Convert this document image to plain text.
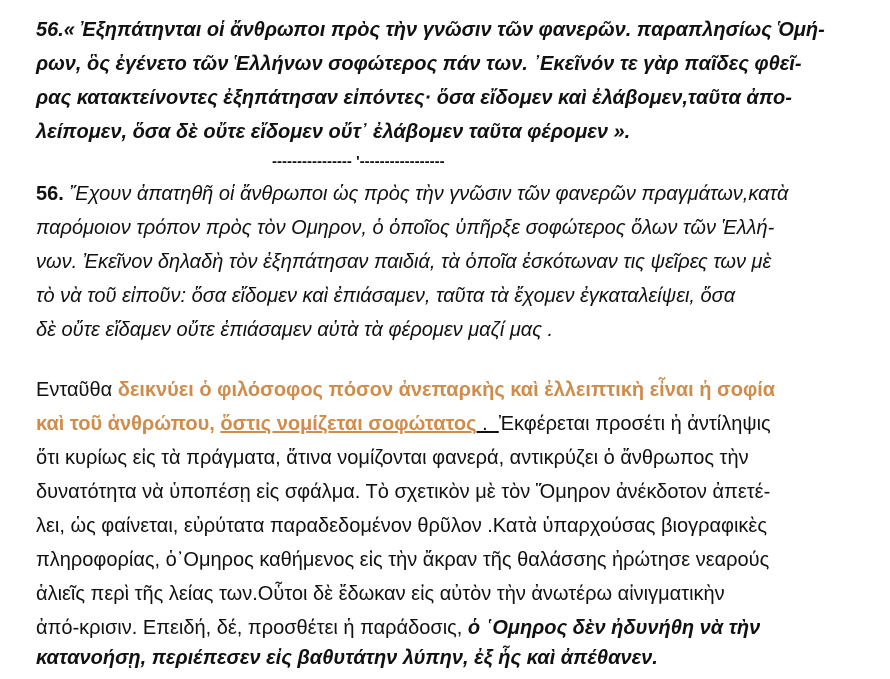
56.« Ἐξηπάτηνται οἱ ἄνθρωποι πρὸς τὴν γνῶσιν τῶν φανερῶν. παραπλησίως Ὁμή-
ρων, ὃς ἐγένετο τῶν Ἑλλήνων σοφώτερος πάν των. ᾽Εκεῖνόν τε γὰρ παῖδες φθεῖ-
ρας κατακτείνοντες ἐξηπάτησαν εἰπόντες· ὅσα εἴδομεν καὶ ἐλάβομεν,ταῦτα ἀπο-
λείπομεν, ὅσα δὲ οὔτε εἴδομεν οὔτ᾽ ἐλάβομεν ταῦτα φέρομεν ».
---------------- '-----------------
56. Ἔχουν ἀπατηθῆ οἱ ἄνθρωποι ὡς πρὸς τὴν γνῶσιν τῶν φανερῶν πραγμάτων,κατὰ
παρόμοιον τρόπον πρὸς τὸν Ομηρον, ὁ ὁποῖος ὑπῆρξε σοφώτερος ὅλων τῶν Ἑλλή-
νων. Ἐκεῖνον δηλαδὴ τὸν ἐξηπάτησαν παιδιά, τὰ ὁποῖα ἐσκότωναν τις ψεῖρες των μὲ
τὸ νὰ τοῦ εἰποῦν: ὅσα εἴδομεν καὶ ἐπιάσαμεν, ταῦτα τὰ ἔχομεν ἐγκαταλείψει, ὅσα
δὲ οὔτε εἴδαμεν οὔτε ἐπιάσαμεν αὐτὰ τὰ φέρομεν μαζί μας .
Ενταῦθα δεικνύει ὁ φιλόσοφος πόσον ἀνεπαρκὴς καὶ ἐλλειπτικὴ εἶναι ἡ σοφία
καὶ τοῦ ἀνθρώπου, ὅστις νομίζεται σοφώτατος .  Ἐκφέρεται προσέτι ἡ ἀντίληψις
ὅτι κυρίως εἰς τὰ πράγματα, ἅτινα νομίζονται φανερά, αντικρύζει ὁ ἄνθρωπος τὴν
δυνατότητα νὰ ὑποπέσῃ εἰς σφάλμα. Τὸ σχετικὸν μὲ τὸν Ὅμηρον ἀνέκδοτον ἀπετέ-
λει, ὡς φαίνεται, εὐρύτατα παραδεδομένον θρῦλον .Κατὰ ὑπαρχούσας βιογραφικὲς
πληροφορίας, ὁ᾿Ομηρος καθήμενος εἰς τὴν ἄκραν τῆς θαλάσσης ἠρώτησε νεαρούς
ἁλιεῖς περὶ τῆς λείας των.Οὗτοι δὲ ἔδωκαν εἰς αὐτὸν τὴν ἀνωτέρω αἰνιγματικὴν
ἀπό-κρισιν. Επειδή, δέ, προσθέτει ἡ παράδοσις, ὁ ῾Ομηρος δὲν ἠδυνήθη νὰ τὴν
κατανοήσῃ, περιέπεσεν εἰς βαθυτάτην λύπην, ἐξ ἧς καὶ ἀπέθανεν.
